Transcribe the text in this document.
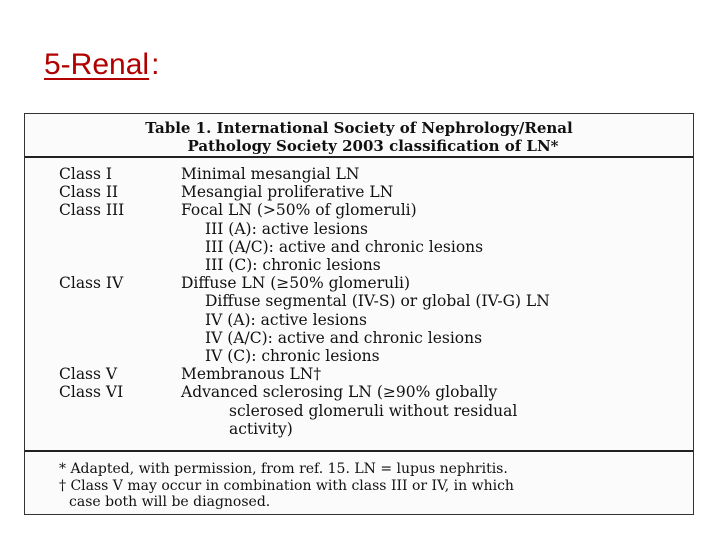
5-Renal:
Table 1. International Society of Nephrology/Renal
Pathology Society 2003 classification of LN*
Class I	Minimal mesangial LN
Class II	Mesangial proliferative LN
Class III	Focal LN (>50% of glomeruli)
III (A): active lesions
III (A/C): active and chronic lesions
III (C): chronic lesions
Class IV	Diffuse LN (≥50% glomeruli)
Diffuse segmental (IV-S) or global (IV-G) LN
IV (A): active lesions
IV (A/C): active and chronic lesions
IV (C): chronic lesions
Class V	Membranous LN†
Class VI	Advanced sclerosing LN (≥90% globally
sclerosed glomeruli without residual
activity)
* Adapted, with permission, from ref. 15. LN = lupus nephritis.
† Class V may occur in combination with class III or IV, in which
case both will be diagnosed.
